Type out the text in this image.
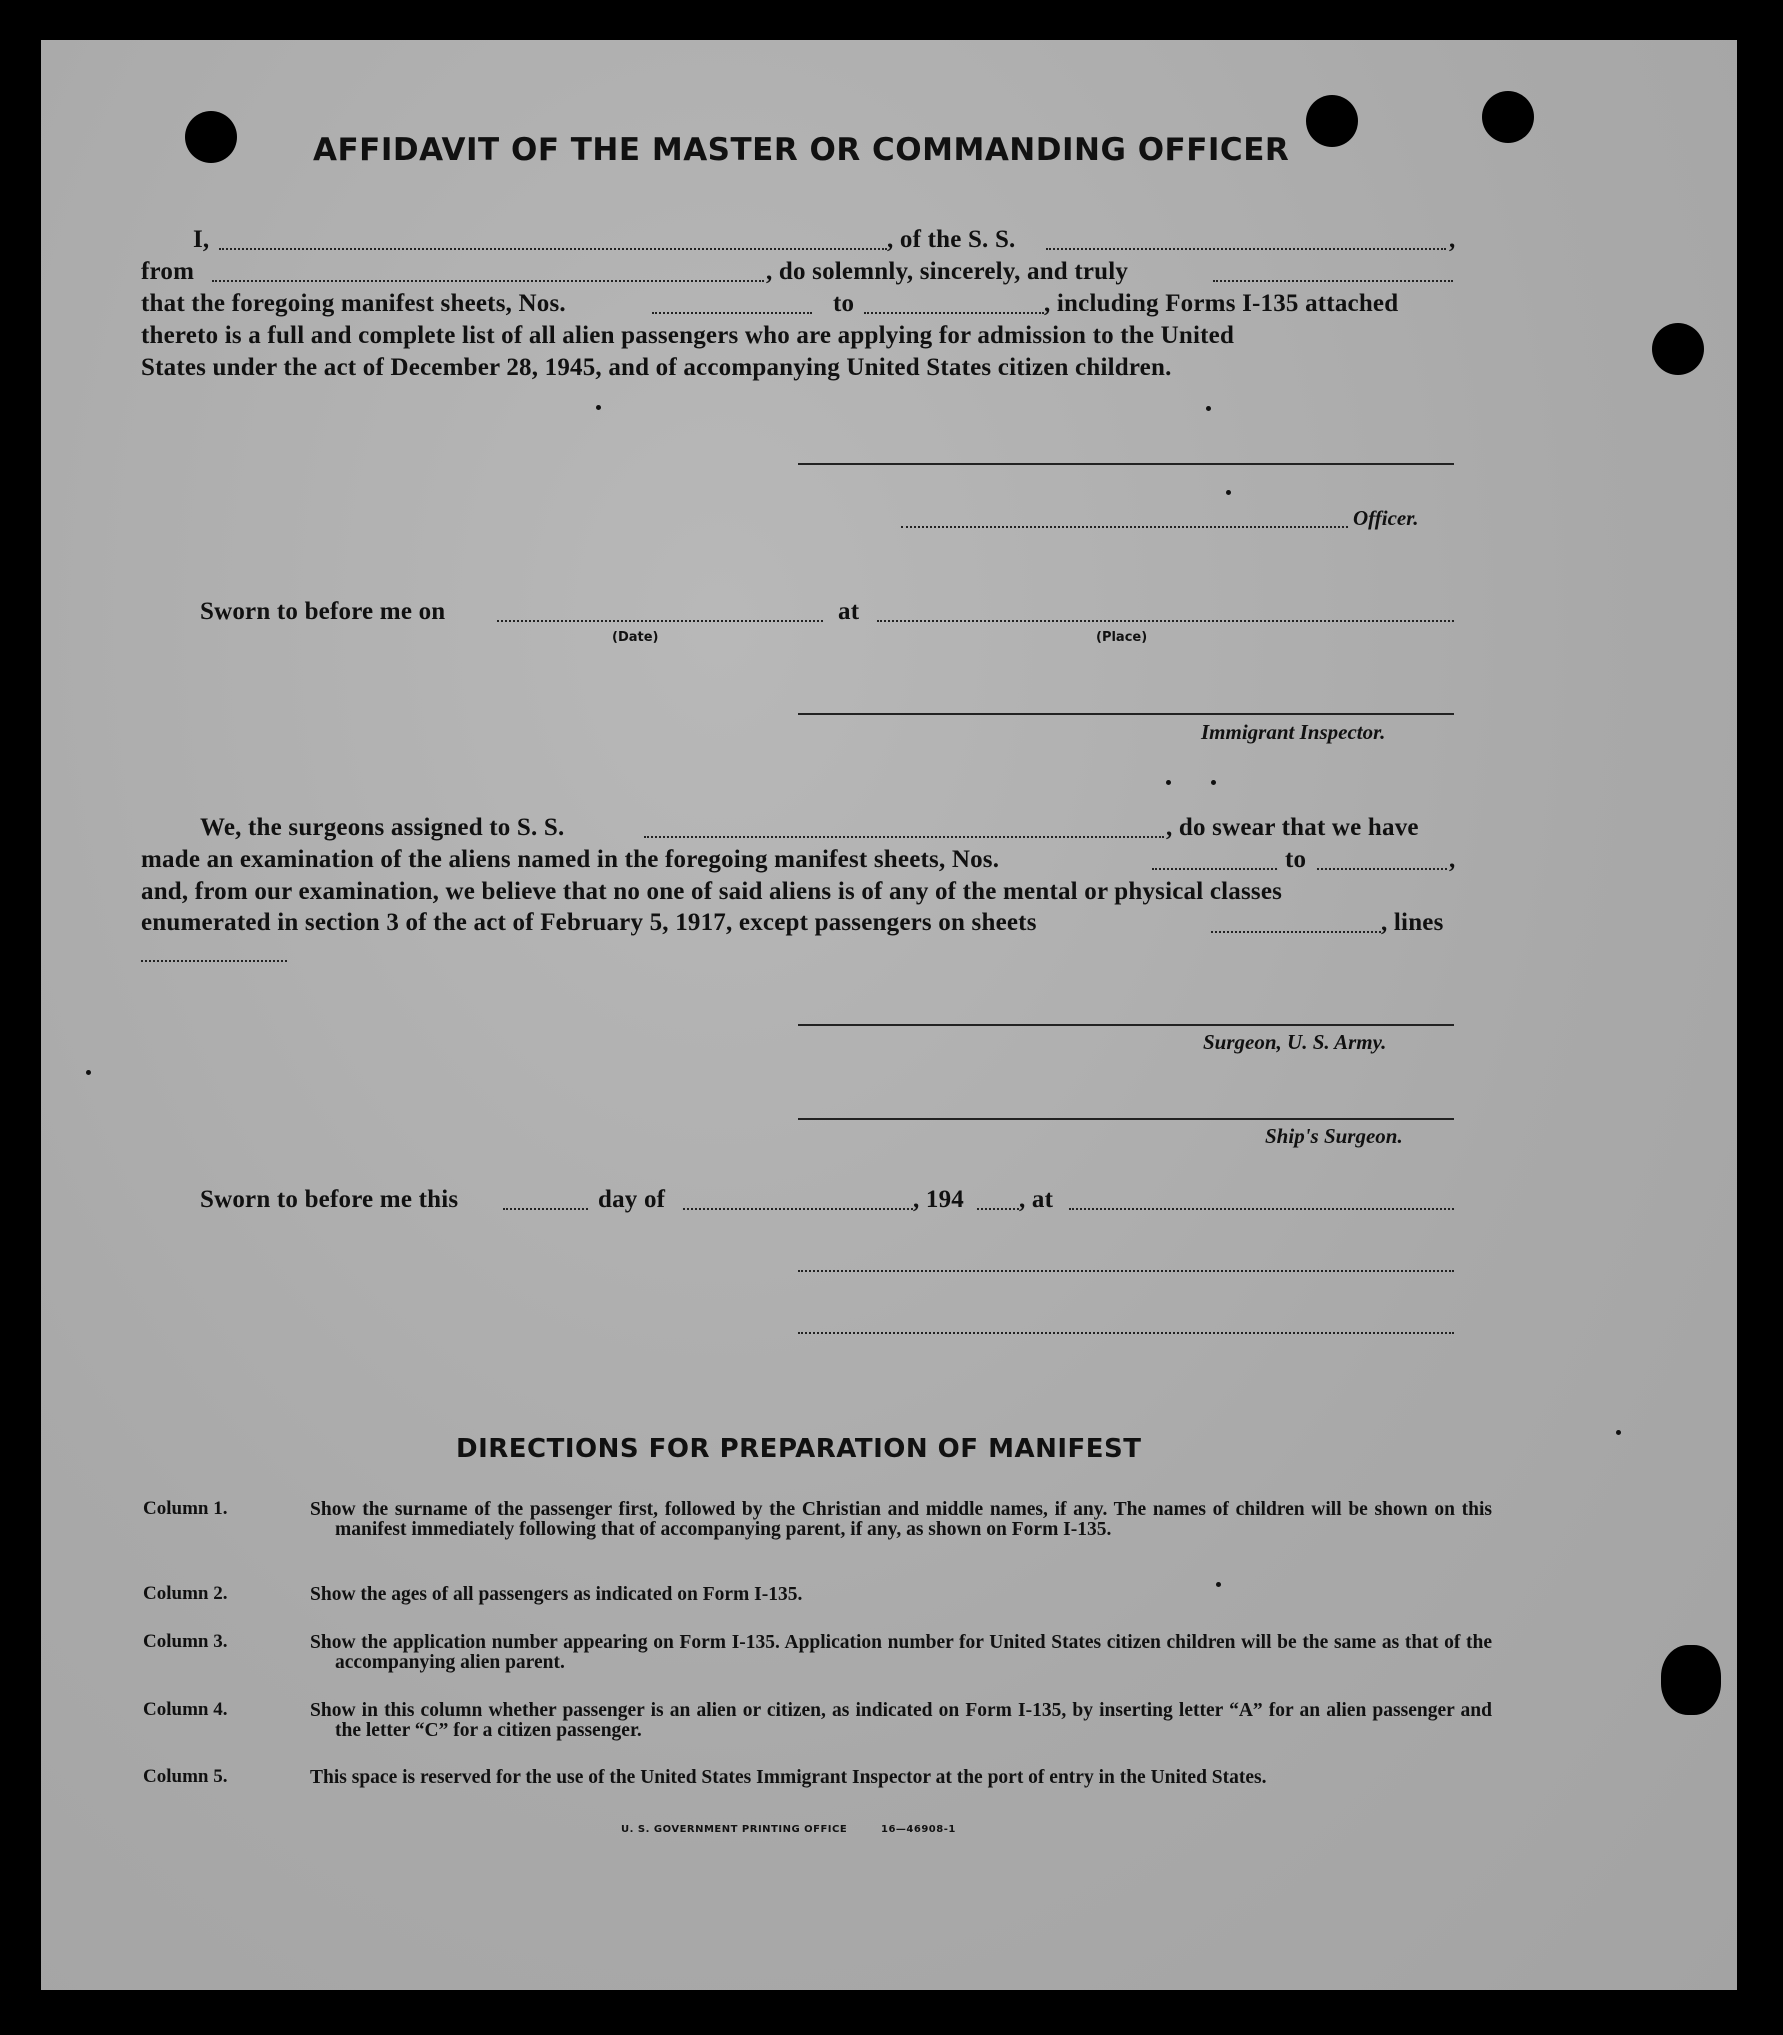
AFFIDAVIT OF THE MASTER OR COMMANDING OFFICER
I,	, of the S. S.	,
from	, do solemnly, sincerely, and truly
that the foregoing manifest sheets, Nos.	to	, including Forms I-135 attached
thereto is a full and complete list of all alien passengers who are applying for admission to the United
States under the act of December 28, 1945, and of accompanying United States citizen children.
Officer.
Sworn to before me on
(Date)
at
(Place)
Immigrant Inspector.
We, the surgeons assigned to S. S.	, do swear that we have
made an examination of the aliens named in the foregoing manifest sheets, Nos.	to	,
and, from our examination, we believe that no one of said aliens is of any of the mental or physical classes
enumerated in section 3 of the act of February 5, 1917, except passengers on sheets	, lines
Surgeon, U. S. Army.
Ship's Surgeon.
Sworn to before me this	day of	, 194 , at
DIRECTIONS FOR PREPARATION OF MANIFEST
Column 1.	Show the surname of the passenger first, followed by the Christian and middle names, if any. The names of children will be shown on this manifest immediately following that of accompanying parent, if any, as shown on Form I-135.
Column 2.	Show the ages of all passengers as indicated on Form I-135.
Column 3.	Show the application number appearing on Form I-135. Application number for United States citizen children will be the same as that of the accompanying alien parent.
Column 4.	Show in this column whether passenger is an alien or citizen, as indicated on Form I-135, by inserting letter “A” for an alien passenger and the letter “C” for a citizen passenger.
Column 5.	This space is reserved for the use of the United States Immigrant Inspector at the port of entry in the United States.
U. S. GOVERNMENT PRINTING OFFICE	16—46908-1
